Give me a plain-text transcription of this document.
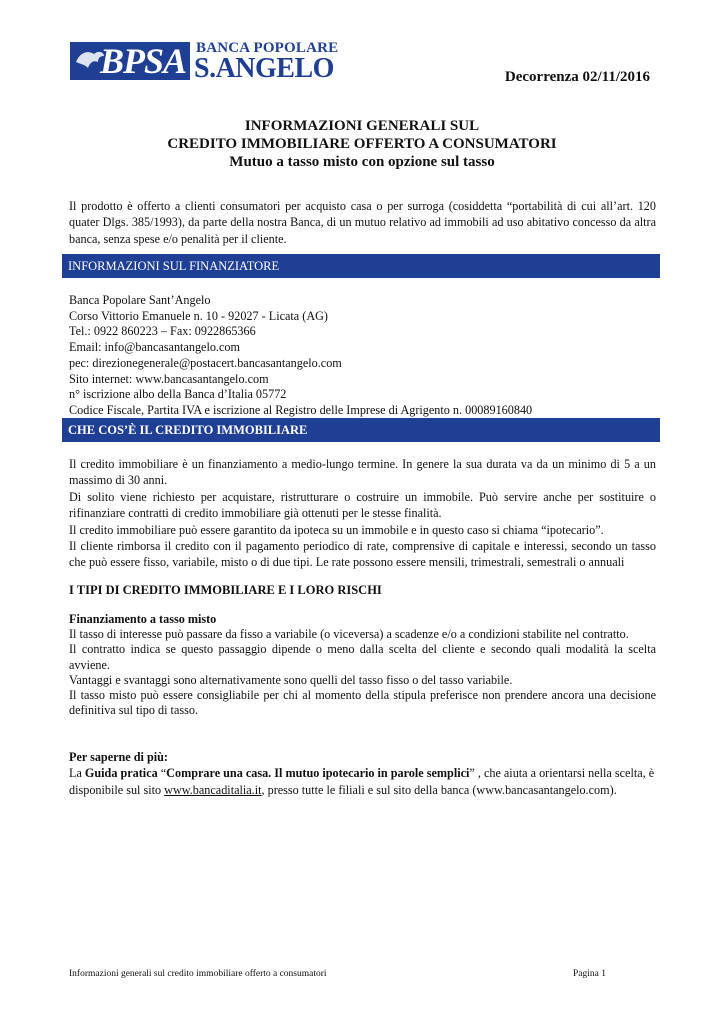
BPSA BANCA POPOLARE
S.ANGELO	Decorrenza 02/11/2016
INFORMAZIONI GENERALI SUL
CREDITO IMMOBILIARE OFFERTO A CONSUMATORI
Mutuo a tasso misto con opzione sul tasso
Il prodotto è offerto a clienti consumatori per acquisto casa o per surroga (cosiddetta “portabilità di cui all’art. 120 quater Dlgs. 385/1993), da parte della nostra Banca, di un mutuo relativo ad immobili ad uso abitativo concesso da altra banca, senza spese e/o penalità per il cliente.
INFORMAZIONI SUL FINANZIATORE
Banca Popolare Sant’Angelo
Corso Vittorio Emanuele n. 10 - 92027 - Licata (AG)
Tel.: 0922 860223 – Fax: 0922865366
Email: info@bancasantangelo.com
pec: direzionegenerale@postacert.bancasantangelo.com
Sito internet: www.bancasantangelo.com
n° iscrizione albo della Banca d’Italia 05772
Codice Fiscale, Partita IVA e iscrizione al Registro delle Imprese di Agrigento n. 00089160840
CHE COS’È IL CREDITO IMMOBILIARE

Il credito immobiliare è un finanziamento a medio-lungo termine. In genere la sua durata va da un minimo di 5 a un massimo di 30 anni.

Di solito viene richiesto per acquistare, ristrutturare o costruire un immobile. Può servire anche per sostituire o rifinanziare contratti di credito immobiliare già ottenuti per le stesse finalità.

Il credito immobiliare può essere garantito da ipoteca su un immobile e in questo caso si chiama “ipotecario”.

Il cliente rimborsa il credito con il pagamento periodico di rate, comprensive di capitale e interessi, secondo un tasso che può essere fisso, variabile, misto o di due tipi. Le rate possono essere mensili, trimestrali, semestrali o annuali

I TIPI DI CREDITO IMMOBILIARE E I LORO RISCHI

Finanziamento a tasso misto

Il tasso di interesse può passare da fisso a variabile (o viceversa) a scadenze e/o a condizioni stabilite nel contratto.

Il contratto indica se questo passaggio dipende o meno dalla scelta del cliente e secondo quali modalità la scelta avviene.

Vantaggi e svantaggi sono alternativamente sono quelli del tasso fisso o del tasso variabile.

Il tasso misto può essere consigliabile per chi al momento della stipula preferisce non prendere ancora una decisione definitiva sul tipo di tasso.

Per saperne di più:

La Guida pratica “Comprare una casa. Il mutuo ipotecario in parole semplici” , che aiuta a orientarsi nella scelta, è disponibile sul sito www.bancaditalia.it, presso tutte le filiali e sul sito della banca (www.bancasantangelo.com).

Informazioni generali sul credito immobiliare offerto a consumatori	Pagina 1
